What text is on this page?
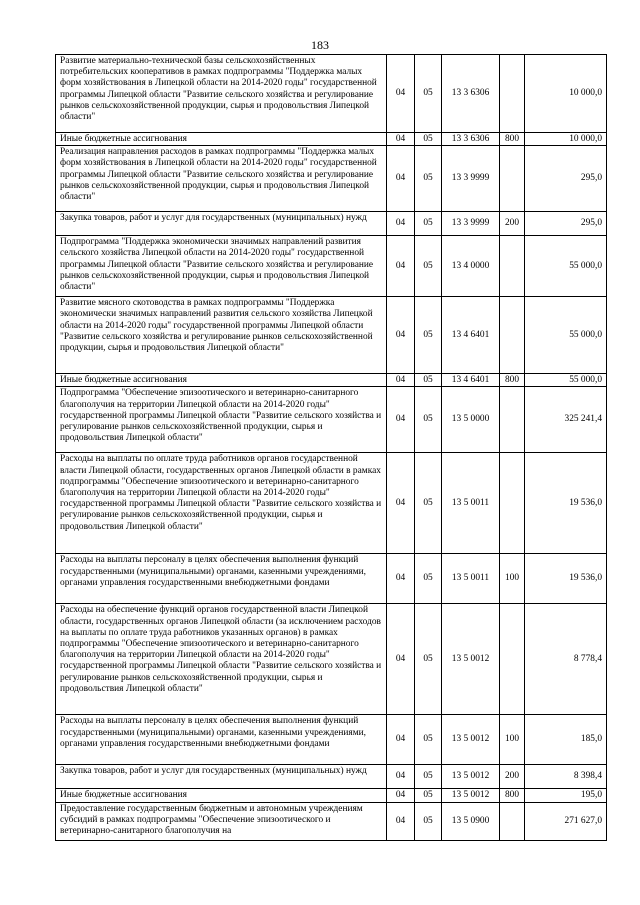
183
Развитие материально-технической базы сельскохозяйственных потребительских кооперативов в рамках подпрограммы "Поддержка малых форм хозяйствования в Липецкой области на 2014-2020 годы" государственной программы Липецкой области "Развитие сельского хозяйства и регулирование рынков сельскохозяйственной продукции, сырья и продовольствия Липецкой области"	04	05	13 3 6306		10 000,0
Иные бюджетные ассигнования	04	05	13 3 6306	800	10 000,0
Реализация направления расходов в рамках подпрограммы "Поддержка малых форм хозяйствования в Липецкой области на 2014-2020 годы" государственной программы Липецкой области "Развитие сельского хозяйства и регулирование рынков сельскохозяйственной продукции, сырья и продовольствия Липецкой области"	04	05	13 3 9999		295,0
Закупка товаров, работ и услуг для государственных (муниципальных) нужд	04	05	13 3 9999	200	295,0
Подпрограмма "Поддержка экономически значимых направлений развития сельского хозяйства Липецкой области на 2014-2020 годы" государственной программы Липецкой области "Развитие сельского хозяйства и регулирование рынков сельскохозяйственной продукции, сырья и продовольствия Липецкой области"	04	05	13 4 0000		55 000,0
Развитие мясного скотоводства в рамках подпрограммы "Поддержка экономически значимых направлений развития сельского хозяйства Липецкой области на 2014-2020 годы" государственной программы Липецкой области "Развитие сельского хозяйства и регулирование рынков сельскохозяйственной продукции, сырья и продовольствия Липецкой области"	04	05	13 4 6401		55 000,0
Иные бюджетные ассигнования	04	05	13 4 6401	800	55 000,0
Подпрограмма "Обеспечение эпизоотического и ветеринарно-санитарного благополучия на территории Липецкой области на 2014-2020 годы" государственной программы Липецкой области "Развитие сельского хозяйства и регулирование рынков сельскохозяйственной продукции, сырья и продовольствия Липецкой области"	04	05	13 5 0000		325 241,4
Расходы на выплаты по оплате труда работников органов государственной власти Липецкой области, государственных органов Липецкой области в рамках подпрограммы "Обеспечение эпизоотического и ветеринарно-санитарного благополучия на территории Липецкой области на 2014-2020 годы" государственной программы Липецкой области "Развитие сельского хозяйства и регулирование рынков сельскохозяйственной продукции, сырья и продовольствия Липецкой области"	04	05	13 5 0011		19 536,0
Расходы на выплаты персоналу в целях обеспечения выполнения функций государственными (муниципальными) органами, казенными учреждениями, органами управления государственными внебюджетными фондами	04	05	13 5 0011	100	19 536,0
Расходы на обеспечение функций органов государственной власти Липецкой области, государственных органов Липецкой области (за исключением расходов на выплаты по оплате труда работников указанных органов) в рамках подпрограммы "Обеспечение эпизоотического и ветеринарно-санитарного благополучия на территории Липецкой области на 2014-2020 годы" государственной программы Липецкой области "Развитие сельского хозяйства и регулирование рынков сельскохозяйственной продукции, сырья и продовольствия Липецкой области"	04	05	13 5 0012		8 778,4
Расходы на выплаты персоналу в целях обеспечения выполнения функций государственными (муниципальными) органами, казенными учреждениями, органами управления государственными внебюджетными фондами	04	05	13 5 0012	100	185,0
Закупка товаров, работ и услуг для государственных (муниципальных) нужд	04	05	13 5 0012	200	8 398,4
Иные бюджетные ассигнования	04	05	13 5 0012	800	195,0
Предоставление государственным бюджетным и автономным учреждениям субсидий в рамках подпрограммы "Обеспечение эпизоотического и ветеринарно-санитарного благополучия на	04	05	13 5 0900		271 627,0
